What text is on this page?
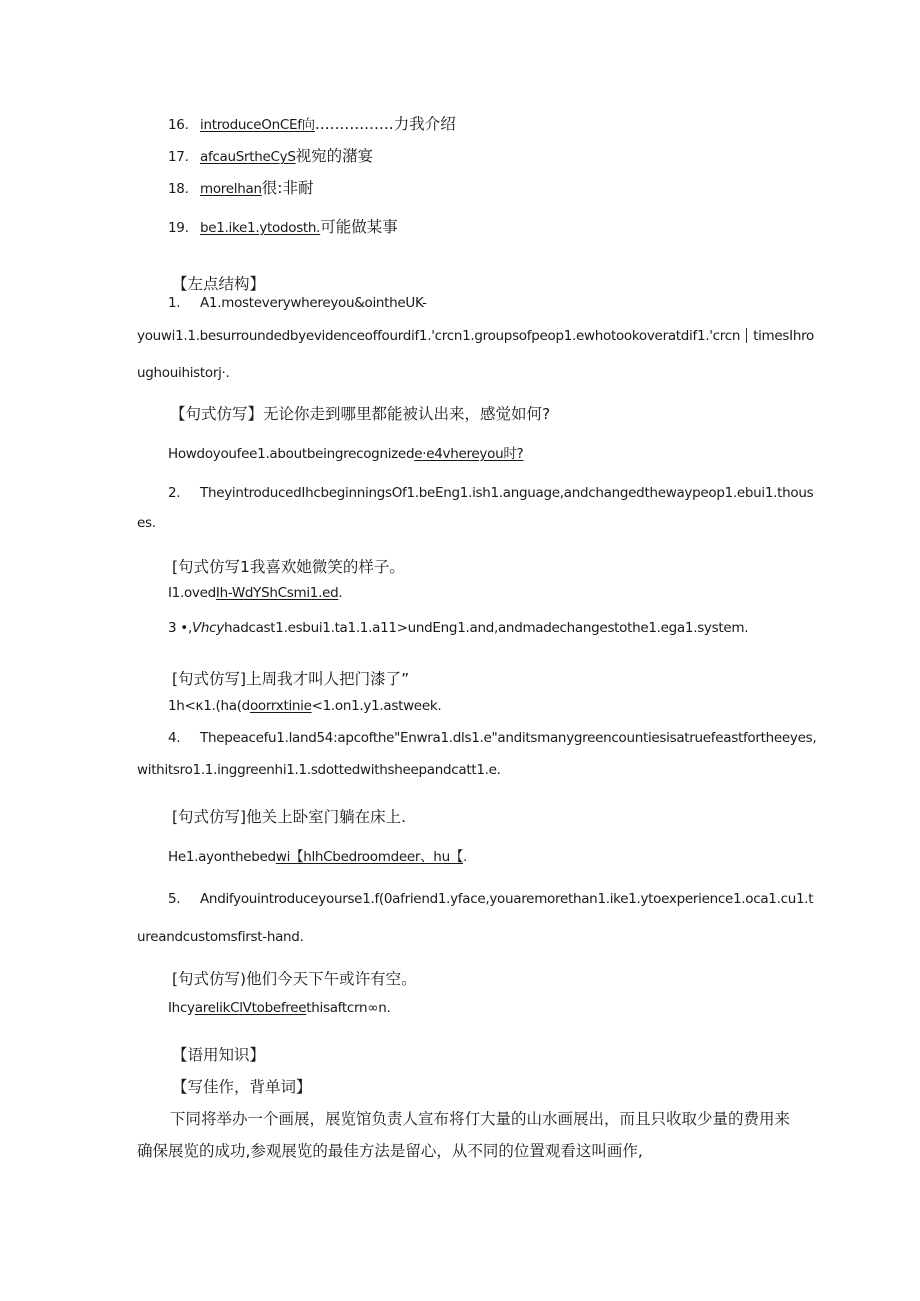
16. introduceOnCEf向................力我介绍
17. afcauSrtheCyS视宛的潴宴
18. morelhan很:非耐
19. be1.ike1.ytodosth.可能做某事
【左点结构】
1. A1.mosteverywhereyou&ointheUK-
youwi1.1.besurroundedbyevidenceoffourdif1.'crcn1.groupsofpeop1.ewhotookoveratdif1.'crcn timesIhro
ughouihistorj·.
【句式仿写】无论你走到哪里都能被认出来，感觉如何?
Howdoyoufee1.aboutbeingrecognizede·e4vhereyou时?
2. TheyintroducedIhcbeginningsOf1.beEng1.ish1.anguage,andchangedthewaypeop1.ebui1.thous
es.
[句式仿写1我喜欢她微笑的样子。
I1.ovedIh-WdYShCsmi1.ed.
3 •,Vhcyhadcast1.esbui1.ta1.1.a11>undEng1.and,andmadechangestothe1.ega1.system.
[句式仿写]上周我才叫人把门漆了”
1h<κ1.(ha(doorrxtinie<1.on1.y1.astweek.
4. Thepeacefu1.land54:apcofthe"Enwra1.dls1.e"anditsmanygreencountiesisatruefeastfortheeyes,
withitsro1.1.inggreenhi1.1.sdottedwithsheepandcatt1.e.
[句式仿写]他关上卧室门躺在床上.
He1.ayonthebedwi【hlhCbedroomdeer、hu【.
5. Andifyouintroduceyourse1.f(0afriend1.yface,youaremorethan1.ike1.ytoexperience1.oca1.cu1.t
ureandcustomsfirst-hand.
[句式仿写)他们今天下午或许有空。
IhcyarelikClVtobefreethisaftcrn∞n.
【语用知识】
【写佳作，背单词】
下同将举办一个画展，展览馆负责人宣布将仃大量的山水画展出，而且只收取少量的费用来
确保展览的成功,参观展览的最佳方法是留心，从不同的位置观看这叫画作,
